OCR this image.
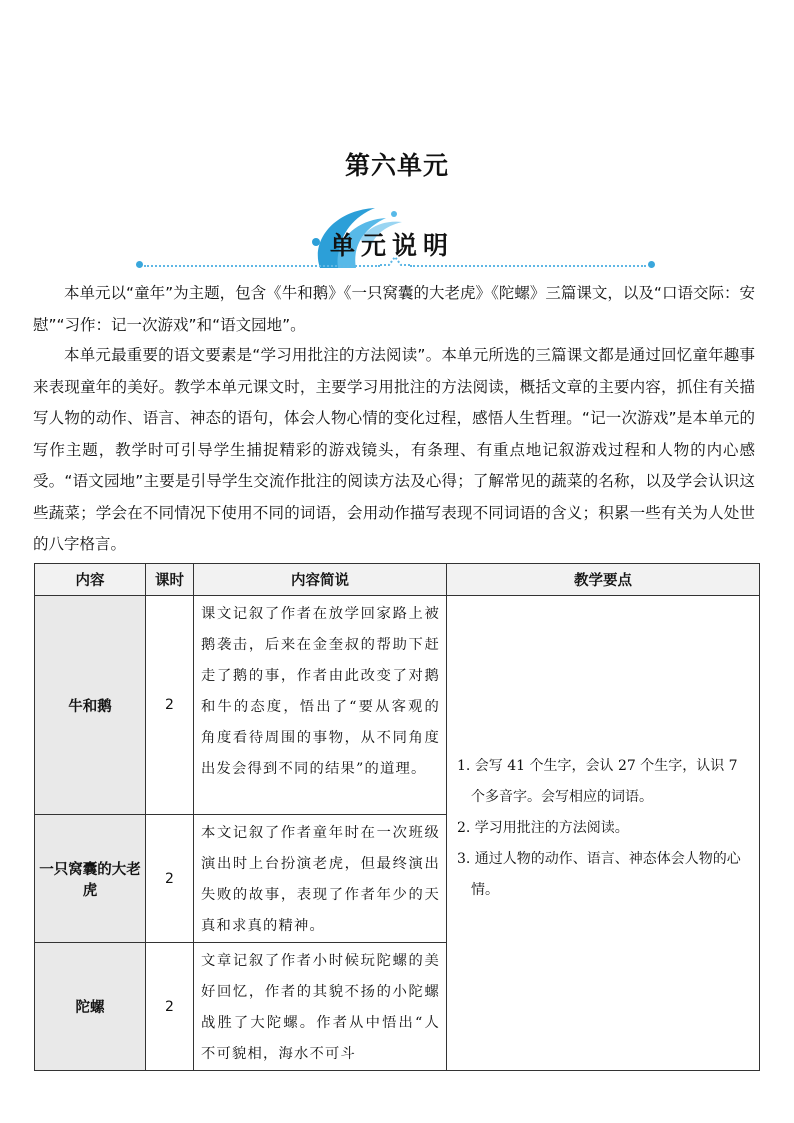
第六单元
单元说明

本单元以“童年”为主题，包含《牛和鹅》《一只窝囊的大老虎》《陀螺》三篇课文，以及“口语交际：安慰”“习作：记一次游戏”和“语文园地”。

本单元最重要的语文要素是“学习用批注的方法阅读”。本单元所选的三篇课文都是通过回忆童年趣事来表现童年的美好。教学本单元课文时，主要学习用批注的方法阅读，概括文章的主要内容，抓住有关描写人物的动作、语言、神态的语句，体会人物心情的变化过程，感悟人生哲理。“记一次游戏”是本单元的写作主题，教学时可引导学生捕捉精彩的游戏镜头，有条理、有重点地记叙游戏过程和人物的内心感受。“语文园地”主要是引导学生交流作批注的阅读方法及心得；了解常见的蔬菜的名称，以及学会认识这些蔬菜；学会在不同情况下使用不同的词语，会用动作描写表现不同词语的含义；积累一些有关为人处世的八字格言。

内容	课时	内容简说	教学要点
牛和鹅	2	课文记叙了作者在放学回家路上被鹅袭击，后来在金奎叔的帮助下赶走了鹅的事，作者由此改变了对鹅和牛的态度，悟出了“要从客观的角度看待周围的事物，从不同角度出发会得到不同的结果”的道理。	1. 会写 41 个生字，会认 27 个生字，认识 7 个多音字。会写相应的词语。

2. 学习用批注的方法阅读。

3. 通过人物的动作、语言、神态体会人物的心情。

一只窝囊的大老虎	2	本文记叙了作者童年时在一次班级演出时上台扮演老虎，但最终演出失败的故事，表现了作者年少的天真和求真的精神。	
陀螺	2	文章记叙了作者小时候玩陀螺的美好回忆，作者的其貌不扬的小陀螺战胜了大陀螺。作者从中悟出“人不可貌相，海水不可斗	
